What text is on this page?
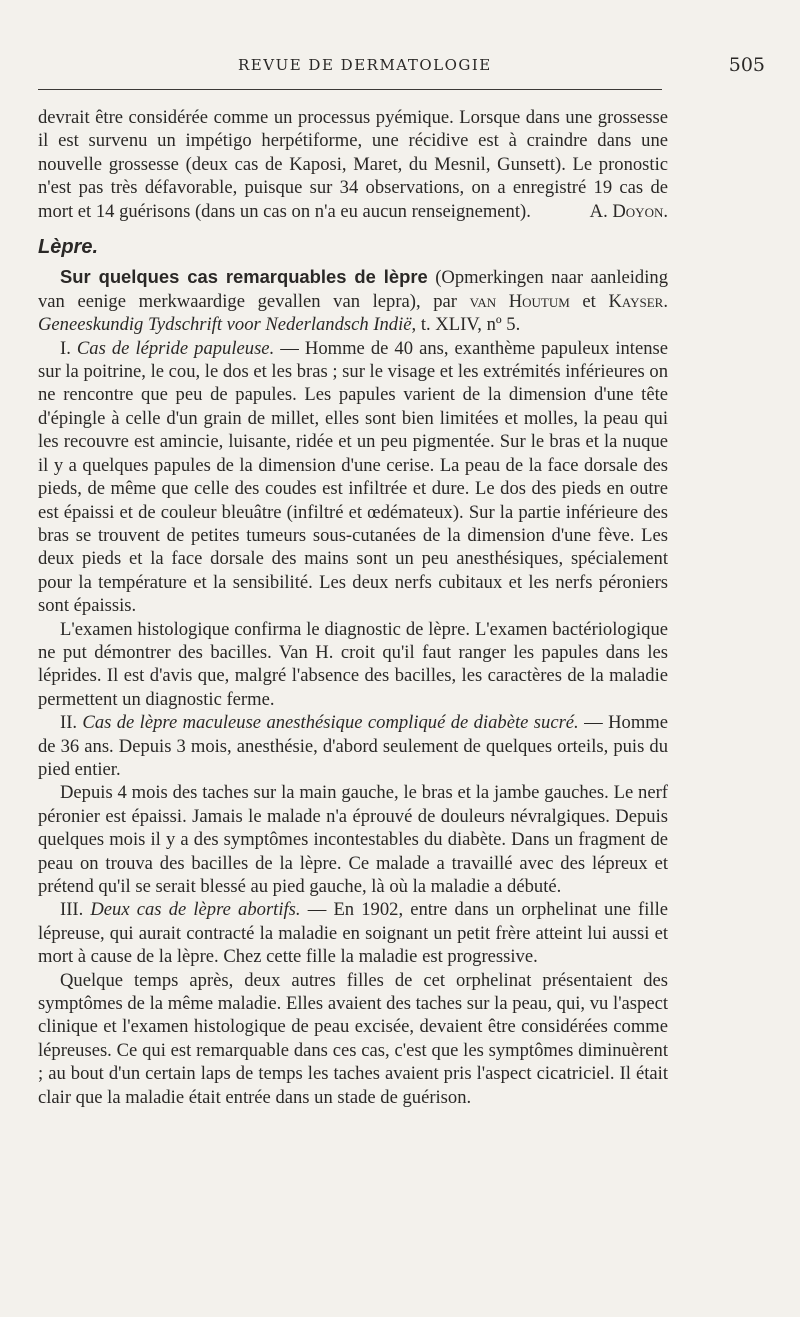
REVUE DE DERMATOLOGIE	505

devrait être considérée comme un processus pyémique. Lorsque dans une grossesse il est survenu un impétigo herpétiforme, une récidive est à craindre dans une nouvelle grossesse (deux cas de Kaposi, Maret, du Mesnil, Gunsett). Le pronostic n'est pas très défavorable, puisque sur 34 observations, on a enregistré 19 cas de mort et 14 guérisons (dans un cas on n'a eu aucun renseignement).	A. Doyon.

Lèpre.

Sur quelques cas remarquables de lèpre (Opmerkingen naar aanleiding van eenige merkwaardige gevallen van lepra), par van Houtum et Kayser. Geneeskundig Tydschrift voor Nederlandsch Indië, t. XLIV, nº 5.

I. Cas de lépride papuleuse. — Homme de 40 ans, exanthème papuleux intense sur la poitrine, le cou, le dos et les bras ; sur le visage et les extrémités inférieures on ne rencontre que peu de papules. Les papules varient de la dimension d'une tête d'épingle à celle d'un grain de millet, elles sont bien limitées et molles, la peau qui les recouvre est amincie, luisante, ridée et un peu pigmentée. Sur le bras et la nuque il y a quelques papules de la dimension d'une cerise. La peau de la face dorsale des pieds, de même que celle des coudes est infiltrée et dure. Le dos des pieds en outre est épaissi et de couleur bleuâtre (infiltré et œdémateux). Sur la partie inférieure des bras se trouvent de petites tumeurs sous-cutanées de la dimension d'une fève. Les deux pieds et la face dorsale des mains sont un peu anesthésiques, spécialement pour la température et la sensibilité. Les deux nerfs cubitaux et les nerfs péroniers sont épaissis.

L'examen histologique confirma le diagnostic de lèpre. L'examen bactériologique ne put démontrer des bacilles. Van H. croit qu'il faut ranger les papules dans les léprides. Il est d'avis que, malgré l'absence des bacilles, les caractères de la maladie permettent un diagnostic ferme.

II. Cas de lèpre maculeuse anesthésique compliqué de diabète sucré. — Homme de 36 ans. Depuis 3 mois, anesthésie, d'abord seulement de quelques orteils, puis du pied entier.

Depuis 4 mois des taches sur la main gauche, le bras et la jambe gauches. Le nerf péronier est épaissi. Jamais le malade n'a éprouvé de douleurs névralgiques. Depuis quelques mois il y a des symptômes incontestables du diabète. Dans un fragment de peau on trouva des bacilles de la lèpre. Ce malade a travaillé avec des lépreux et prétend qu'il se serait blessé au pied gauche, là où la maladie a débuté.

III. Deux cas de lèpre abortifs. — En 1902, entre dans un orphelinat une fille lépreuse, qui aurait contracté la maladie en soignant un petit frère atteint lui aussi et mort à cause de la lèpre. Chez cette fille la maladie est progressive.

Quelque temps après, deux autres filles de cet orphelinat présentaient des symptômes de la même maladie. Elles avaient des taches sur la peau, qui, vu l'aspect clinique et l'examen histologique de peau excisée, devaient être considérées comme lépreuses. Ce qui est remarquable dans ces cas, c'est que les symptômes diminuèrent ; au bout d'un certain laps de temps les taches avaient pris l'aspect cicatriciel. Il était clair que la maladie était entrée dans un stade de guérison.
